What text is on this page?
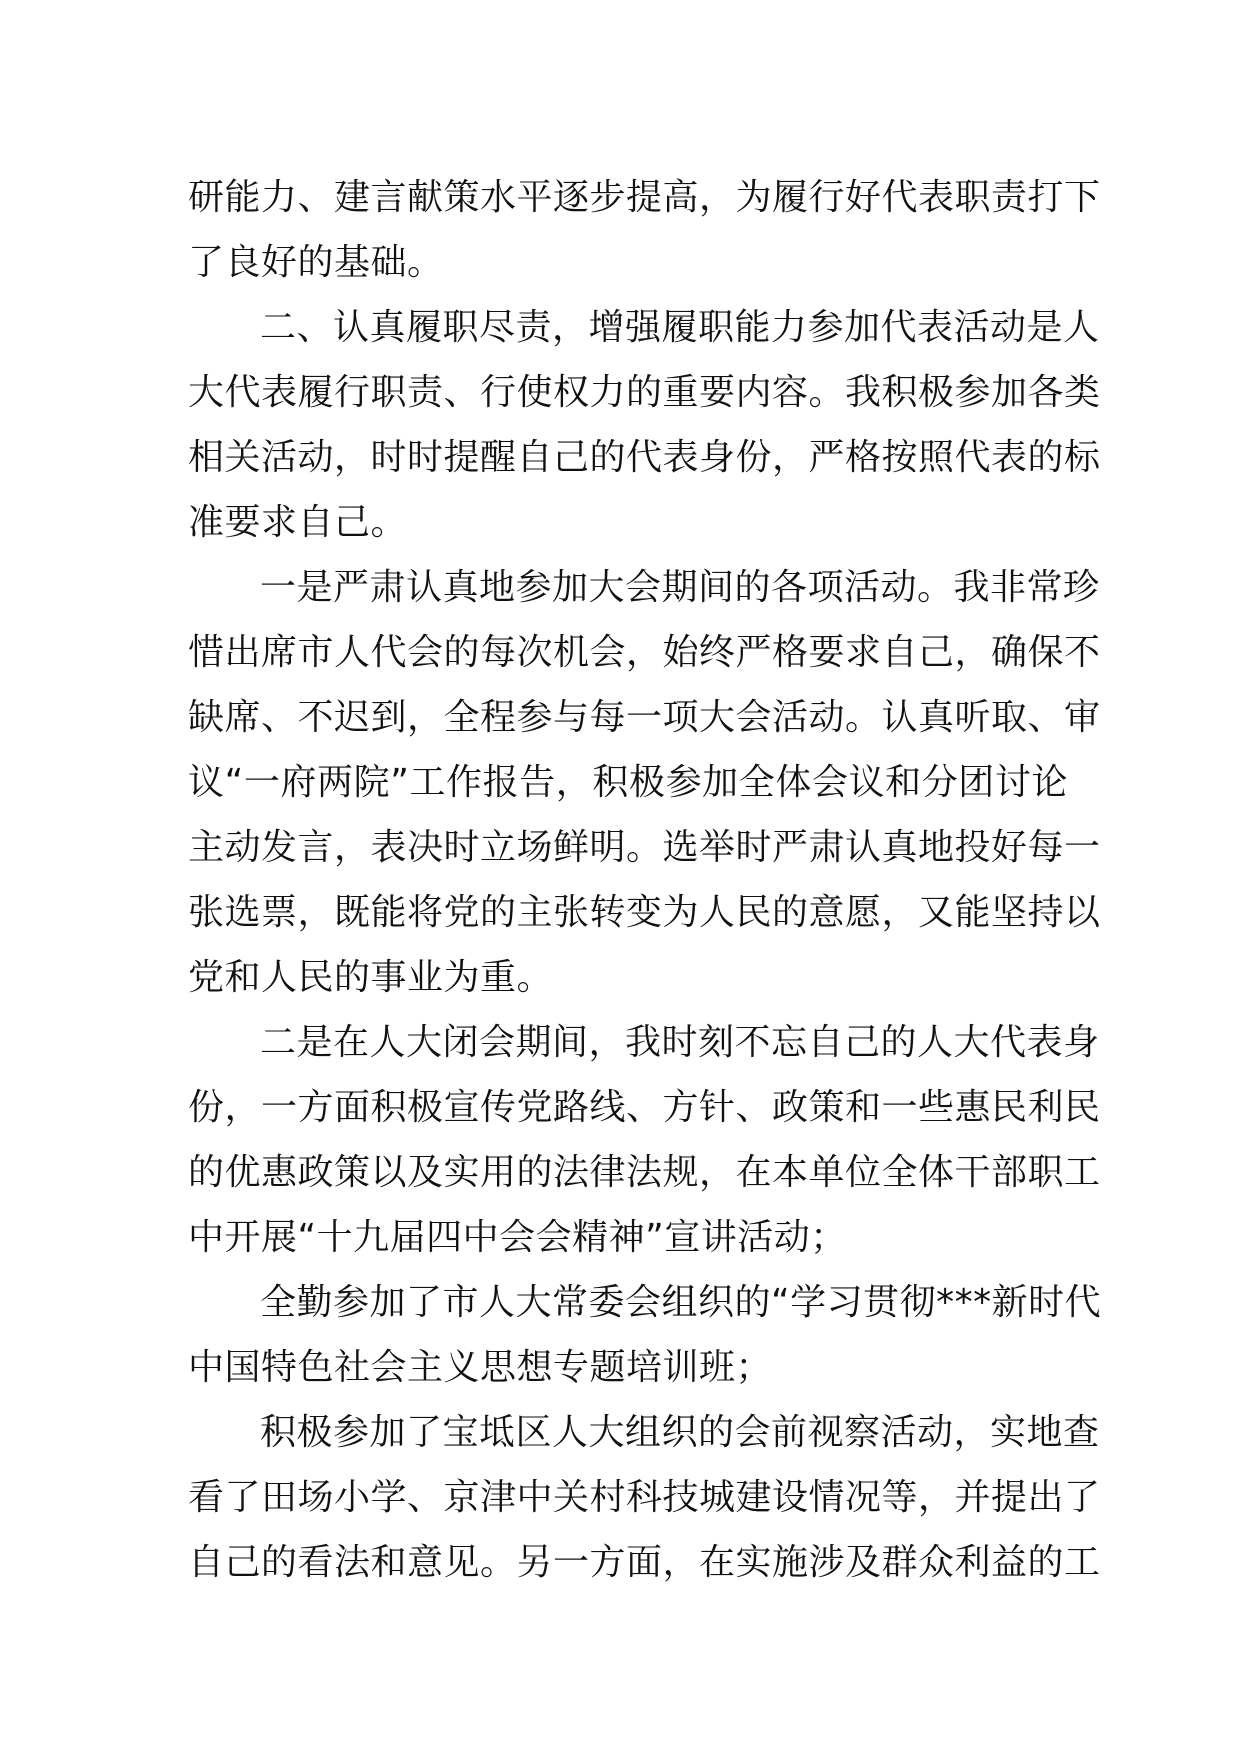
研能力、建言献策水平逐步提高，为履行好代表职责打下
了良好的基础。
二、认真履职尽责，增强履职能力参加代表活动是人
大代表履行职责、行使权力的重要内容。我积极参加各类
相关活动，时时提醒自己的代表身份，严格按照代表的标
准要求自己。
一是严肃认真地参加大会期间的各项活动。我非常珍
惜出席市人代会的每次机会，始终严格要求自己，确保不
缺席、不迟到，全程参与每一项大会活动。认真听取、审
议“一府两院”工作报告，积极参加全体会议和分团讨论
主动发言，表决时立场鲜明。选举时严肃认真地投好每一
张选票，既能将党的主张转变为人民的意愿，又能坚持以
党和人民的事业为重。
二是在人大闭会期间，我时刻不忘自己的人大代表身
份，一方面积极宣传党路线、方针、政策和一些惠民利民
的优惠政策以及实用的法律法规，在本单位全体干部职工
中开展“十九届四中会会精神”宣讲活动；
全勤参加了市人大常委会组织的“学习贯彻***新时代
中国特色社会主义思想专题培训班；
积极参加了宝坻区人大组织的会前视察活动，实地查
看了田场小学、京津中关村科技城建设情况等，并提出了
自己的看法和意见。另一方面，在实施涉及群众利益的工
